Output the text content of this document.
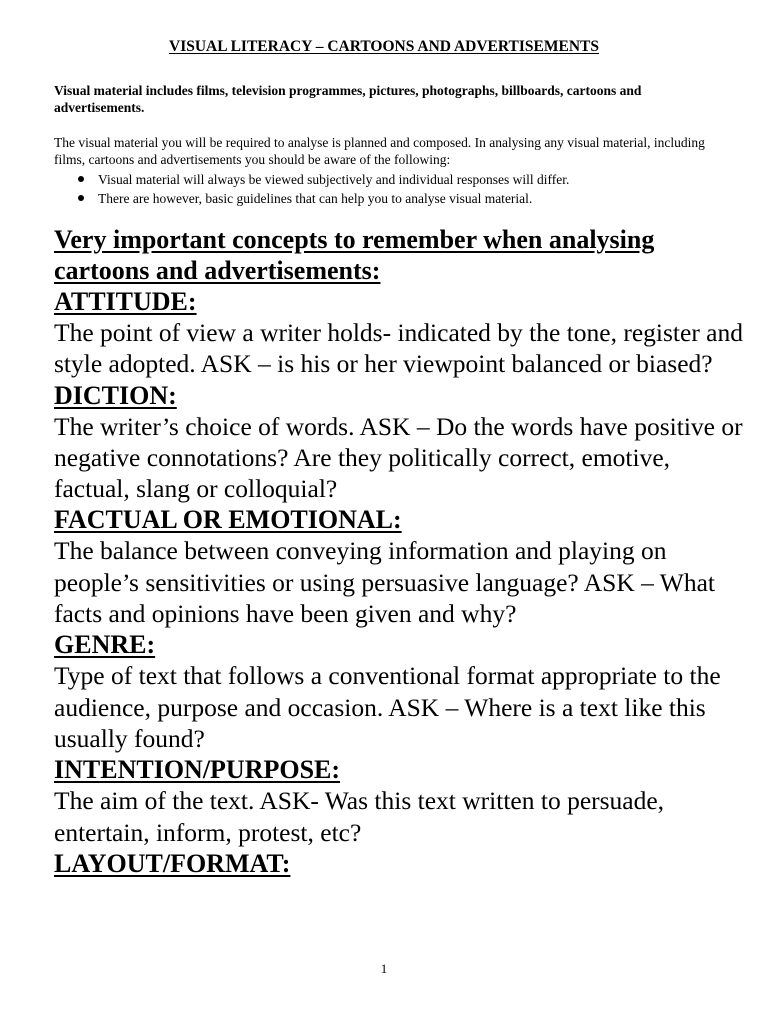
VISUAL LITERACY – CARTOONS AND ADVERTISEMENTS

Visual material includes films, television programmes, pictures, photographs, billboards, cartoons and advertisements.

The visual material you will be required to analyse is planned and composed. In analysing any visual material, including films, cartoons and advertisements you should be aware of the following:

Visual material will always be viewed subjectively and individual responses will differ.
There are however, basic guidelines that can help you to analyse visual material.
Very important concepts to remember when analysing cartoons and advertisements:

ATTITUDE:

The point of view a writer holds- indicated by the tone, register and style adopted. ASK – is his or her viewpoint balanced or biased?

DICTION:

The writer’s choice of words. ASK – Do the words have positive or negative connotations? Are they politically correct, emotive, factual, slang or colloquial?

FACTUAL OR EMOTIONAL:

The balance between conveying information and playing on people’s sensitivities or using persuasive language? ASK – What facts and opinions have been given and why?

GENRE:

Type of text that follows a conventional format appropriate to the audience, purpose and occasion. ASK – Where is a text like this usually found?

INTENTION/PURPOSE:

The aim of the text. ASK- Was this text written to persuade, entertain, inform, protest, etc?

LAYOUT/FORMAT:

1
